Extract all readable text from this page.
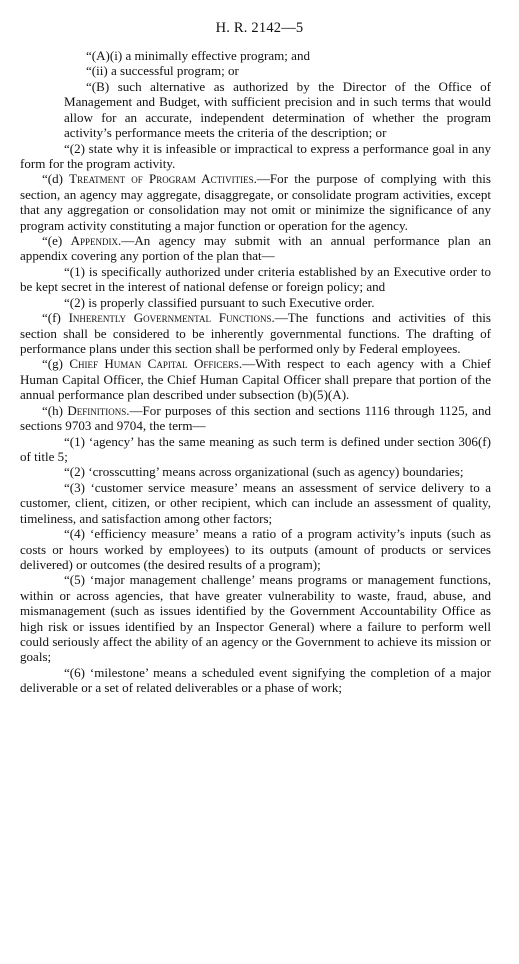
H. R. 2142—5

“(A)(i) a minimally effective program; and

“(ii) a successful program; or

“(B) such alternative as authorized by the Director of the Office of Management and Budget, with sufficient precision and in such terms that would allow for an accurate, independent determination of whether the program activity’s performance meets the criteria of the description; or

“(2) state why it is infeasible or impractical to express a performance goal in any form for the program activity.

“(d) Treatment of Program Activities.—For the purpose of complying with this section, an agency may aggregate, disaggregate, or consolidate program activities, except that any aggregation or consolidation may not omit or minimize the significance of any program activity constituting a major function or operation for the agency.

“(e) Appendix.—An agency may submit with an annual performance plan an appendix covering any portion of the plan that—

“(1) is specifically authorized under criteria established by an Executive order to be kept secret in the interest of national defense or foreign policy; and

“(2) is properly classified pursuant to such Executive order.

“(f) Inherently Governmental Functions.—The functions and activities of this section shall be considered to be inherently governmental functions. The drafting of performance plans under this section shall be performed only by Federal employees.

“(g) Chief Human Capital Officers.—With respect to each agency with a Chief Human Capital Officer, the Chief Human Capital Officer shall prepare that portion of the annual performance plan described under subsection (b)(5)(A).

“(h) Definitions.—For purposes of this section and sections 1116 through 1125, and sections 9703 and 9704, the term—

“(1) ‘agency’ has the same meaning as such term is defined under section 306(f) of title 5;

“(2) ‘crosscutting’ means across organizational (such as agency) boundaries;

“(3) ‘customer service measure’ means an assessment of service delivery to a customer, client, citizen, or other recipient, which can include an assessment of quality, timeliness, and satisfaction among other factors;

“(4) ‘efficiency measure’ means a ratio of a program activity’s inputs (such as costs or hours worked by employees) to its outputs (amount of products or services delivered) or outcomes (the desired results of a program);

“(5) ‘major management challenge’ means programs or management functions, within or across agencies, that have greater vulnerability to waste, fraud, abuse, and mismanagement (such as issues identified by the Government Accountability Office as high risk or issues identified by an Inspector General) where a failure to perform well could seriously affect the ability of an agency or the Government to achieve its mission or goals;

“(6) ‘milestone’ means a scheduled event signifying the completion of a major deliverable or a set of related deliverables or a phase of work;
